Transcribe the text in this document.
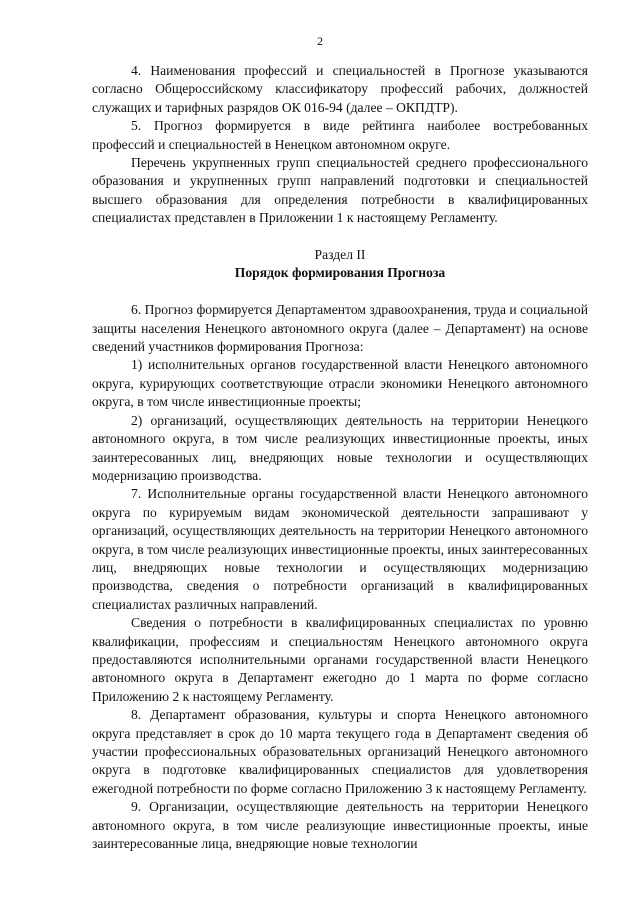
2

4. Наименования профессий и специальностей в Прогнозе указываются согласно Общероссийскому классификатору профессий рабочих, должностей служащих и тарифных разрядов ОК 016-94 (далее – ОКПДТР).

5. Прогноз формируется в виде рейтинга наиболее востребованных профессий и специальностей в Ненецком автономном округе.

Перечень укрупненных групп специальностей среднего профессионального образования и укрупненных групп направлений подготовки и специальностей высшего образования для определения потребности в квалифицированных специалистах представлен в Приложении 1 к настоящему Регламенту.

Раздел II

Порядок формирования Прогноза

6. Прогноз формируется Департаментом здравоохранения, труда и социальной защиты населения Ненецкого автономного округа (далее – Департамент) на основе сведений участников формирования Прогноза:

1) исполнительных органов государственной власти Ненецкого автономного округа, курирующих соответствующие отрасли экономики Ненецкого автономного округа, в том числе инвестиционные проекты;

2) организаций, осуществляющих деятельность на территории Ненецкого автономного округа, в том числе реализующих инвестиционные проекты, иных заинтересованных лиц, внедряющих новые технологии и осуществляющих модернизацию производства.

7. Исполнительные органы государственной власти Ненецкого автономного округа по курируемым видам экономической деятельности запрашивают у организаций, осуществляющих деятельность на территории Ненецкого автономного округа, в том числе реализующих инвестиционные проекты, иных заинтересованных лиц, внедряющих новые технологии и осуществляющих модернизацию производства, сведения о потребности организаций в квалифицированных специалистах различных направлений.

Сведения о потребности в квалифицированных специалистах по уровню квалификации, профессиям и специальностям Ненецкого автономного округа предоставляются исполнительными органами государственной власти Ненецкого автономного округа в Департамент ежегодно до 1 марта по форме согласно Приложению 2 к настоящему Регламенту.

8. Департамент образования, культуры и спорта Ненецкого автономного округа представляет в срок до 10 марта текущего года в Департамент сведения об участии профессиональных образовательных организаций Ненецкого автономного округа в подготовке квалифицированных специалистов для удовлетворения ежегодной потребности по форме согласно Приложению 3 к настоящему Регламенту.

9. Организации, осуществляющие деятельность на территории Ненецкого автономного округа, в том числе реализующие инвестиционные проекты, иные заинтересованные лица, внедряющие новые технологии
